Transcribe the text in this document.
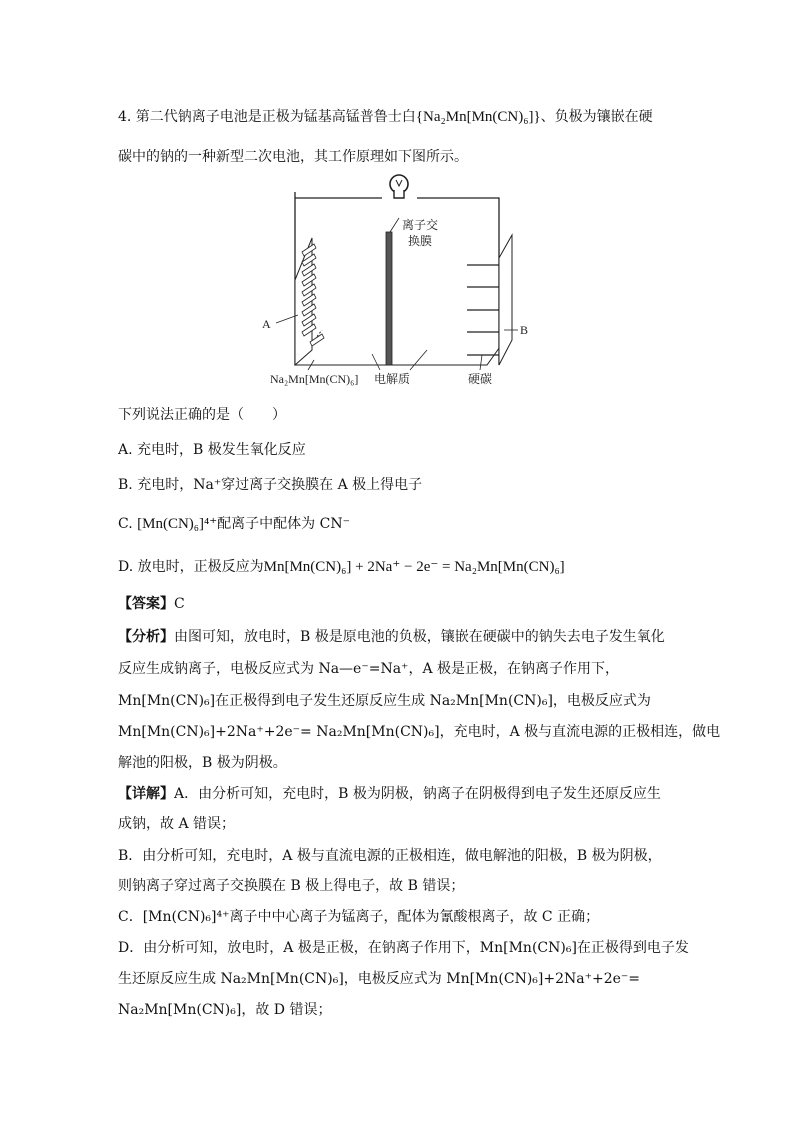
4. 第二代钠离子电池是正极为锰基高锰普鲁士白{Na₂Mn[Mn(CN)₆]}、负极为镶嵌在硬
碳中的钠的一种新型二次电池，其工作原理如下图所示。
离子交
换膜
A	B
Na₂Mn[Mn(CN)₆] 电解质	硬碳
下列说法正确的是（　　）
A. 充电时，B 极发生氧化反应
B. 充电时，Na⁺穿过离子交换膜在 A 极上得电子
C. [Mn(CN)₆]⁴⁺配离子中配体为 CN⁻
D. 放电时，正极反应为Mn[Mn(CN)₆] + 2Na⁺ − 2e⁻ = Na₂Mn[Mn(CN)₆]
【答案】C
【分析】由图可知，放电时，B 极是原电池的负极，镶嵌在硬碳中的钠失去电子发生氧化
反应生成钠离子，电极反应式为 Na—e⁻=Na⁺，A 极是正极，在钠离子作用下，
Mn[Mn(CN)₆]在正极得到电子发生还原反应生成 Na₂Mn[Mn(CN)₆]，电极反应式为
Mn[Mn(CN)₆]+2Na⁺+2e⁻= Na₂Mn[Mn(CN)₆]，充电时，A 极与直流电源的正极相连，做电
解池的阳极，B 极为阴极。
【详解】A．由分析可知，充电时，B 极为阴极，钠离子在阴极得到电子发生还原反应生
成钠，故 A 错误；
B．由分析可知，充电时，A 极与直流电源的正极相连，做电解池的阳极，B 极为阴极，
则钠离子穿过离子交换膜在 B 极上得电子，故 B 错误；
C．[Mn(CN)₆]⁴⁺离子中中心离子为锰离子，配体为氰酸根离子，故 C 正确；
D．由分析可知，放电时，A 极是正极，在钠离子作用下，Mn[Mn(CN)₆]在正极得到电子发
生还原反应生成 Na₂Mn[Mn(CN)₆]，电极反应式为 Mn[Mn(CN)₆]+2Na⁺+2e⁻=
Na₂Mn[Mn(CN)₆]，故 D 错误；
